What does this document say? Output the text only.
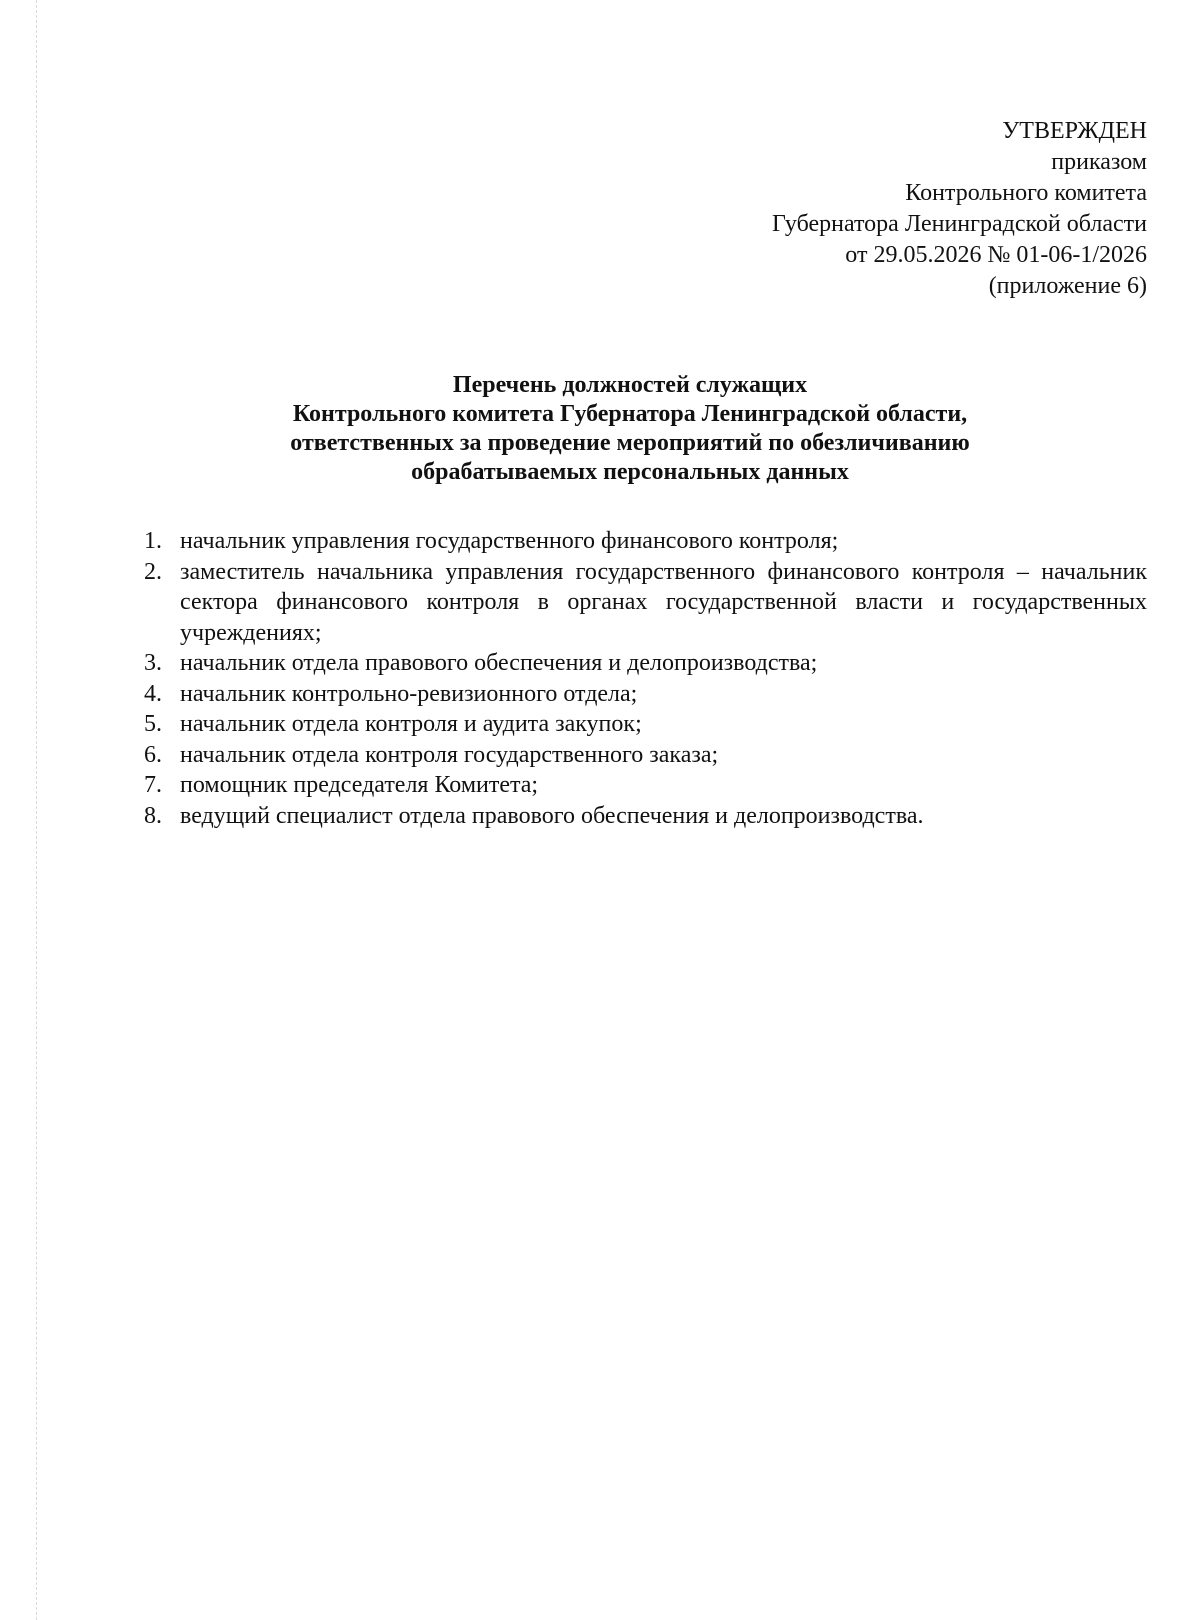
УТВЕРЖДЕН
приказом
Контрольного комитета
Губернатора Ленинградской области
от 29.05.2026 № 01-06-1/2026
(приложение 6)
Перечень должностей служащих
Контрольного комитета Губернатора Ленинградской области,
ответственных за проведение мероприятий по обезличиванию
обрабатываемых персональных данных
1. начальник управления государственного финансового контроля;
2. заместитель начальника управления государственного финансового контроля – начальник сектора финансового контроля в органах государственной власти и государственных учреждениях;
3. начальник отдела правового обеспечения и делопроизводства;
4. начальник контрольно-ревизионного отдела;
5. начальник отдела контроля и аудита закупок;
6. начальник отдела контроля государственного заказа;
7. помощник председателя Комитета;
8. ведущий специалист отдела правового обеспечения и делопроизводства.
